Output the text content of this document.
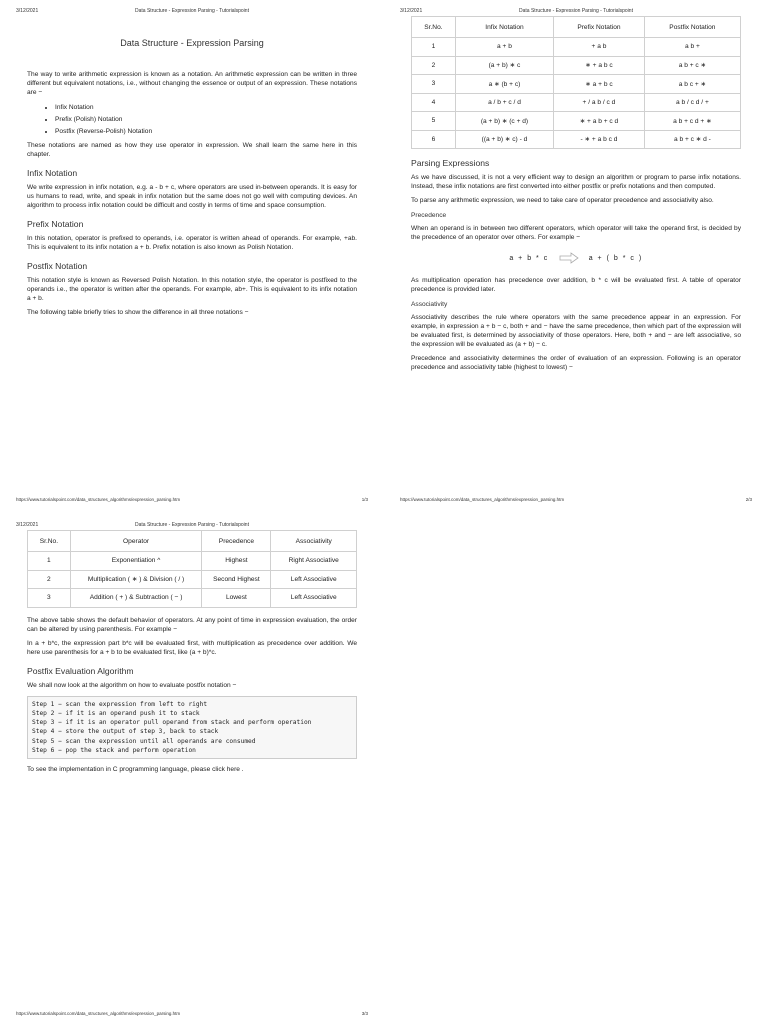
3/12/2021	Data Structure - Expression Parsing - Tutorialspoint
Data Structure - Expression Parsing

The way to write arithmetic expression is known as a notation. An arithmetic expression can be written in three different but equivalent notations, i.e., without changing the essence or output of an expression. These notations are −

• Infix Notation
• Prefix (Polish) Notation
• Postfix (Reverse-Polish) Notation

These notations are named as how they use operator in expression. We shall learn the same here in this chapter.

Infix Notation

We write expression in infix notation, e.g. a - b + c, where operators are used in-between operands. It is easy for us humans to read, write, and speak in infix notation but the same does not go well with computing devices. An algorithm to process infix notation could be difficult and costly in terms of time and space consumption.

Prefix Notation

In this notation, operator is prefixed to operands, i.e. operator is written ahead of operands. For example, +ab. This is equivalent to its infix notation a + b. Prefix notation is also known as Polish Notation.

Postfix Notation

This notation style is known as Reversed Polish Notation. In this notation style, the operator is postfixed to the operands i.e., the operator is written after the operands. For example, ab+. This is equivalent to its infix notation a + b.

The following table briefly tries to show the difference in all three notations −

https://www.tutorialspoint.com/data_structures_algorithms/expression_parsing.htm	1/3
3/12/2021	Data Structure - Expression Parsing - Tutorialspoint
Sr.No.	Infix Notation	Prefix Notation	Postfix Notation
1	a + b	+ a b	a b +
2	(a + b) ∗ c	∗ + a b c	a b + c ∗
3	a ∗ (b + c)	∗ a + b c	a b c + ∗
4	a / b + c / d	+ / a b / c d	a b / c d / +
5	(a + b) ∗ (c + d)	∗ + a b + c d	a b + c d + ∗
6	((a + b) ∗ c) - d	- ∗ + a b c d	a b + c ∗ d -
Parsing Expressions

As we have discussed, it is not a very efficient way to design an algorithm or program to parse infix notations. Instead, these infix notations are first converted into either postfix or prefix notations and then computed.

To parse any arithmetic expression, we need to take care of operator precedence and associativity also.

Precedence

When an operand is in between two different operators, which operator will take the operand first, is decided by the precedence of an operator over others. For example −

a + b * c	a + ( b * c )

As multiplication operation has precedence over addition, b * c will be evaluated first. A table of operator precedence is provided later.

Associativity

Associativity describes the rule where operators with the same precedence appear in an expression. For example, in expression a + b − c, both + and − have the same precedence, then which part of the expression will be evaluated first, is determined by associativity of those operators. Here, both + and − are left associative, so the expression will be evaluated as (a + b) − c.

Precedence and associativity determines the order of evaluation of an expression. Following is an operator precedence and associativity table (highest to lowest) −

https://www.tutorialspoint.com/data_structures_algorithms/expression_parsing.htm	2/3
3/12/2021	Data Structure - Expression Parsing - Tutorialspoint
Sr.No.	Operator	Precedence	Associativity
1	Exponentiation ^	Highest	Right Associative
2	Multiplication ( ∗ ) & Division ( / )	Second Highest	Left Associative
3	Addition ( + ) & Subtraction ( − )	Lowest	Left Associative

The above table shows the default behavior of operators. At any point of time in expression evaluation, the order can be altered by using parenthesis. For example −

In a + b*c, the expression part b*c will be evaluated first, with multiplication as precedence over addition. We here use parenthesis for a + b to be evaluated first, like (a + b)*c.

Postfix Evaluation Algorithm

We shall now look at the algorithm on how to evaluate postfix notation −

Step 1 − scan the expression from left to right
Step 2 − if it is an operand push it to stack
Step 3 − if it is an operator pull operand from stack and perform operation
Step 4 − store the output of step 3, back to stack
Step 5 − scan the expression until all operands are consumed
Step 6 − pop the stack and perform operation

To see the implementation in C programming language, please click here .

https://www.tutorialspoint.com/data_structures_algorithms/expression_parsing.htm	3/3
